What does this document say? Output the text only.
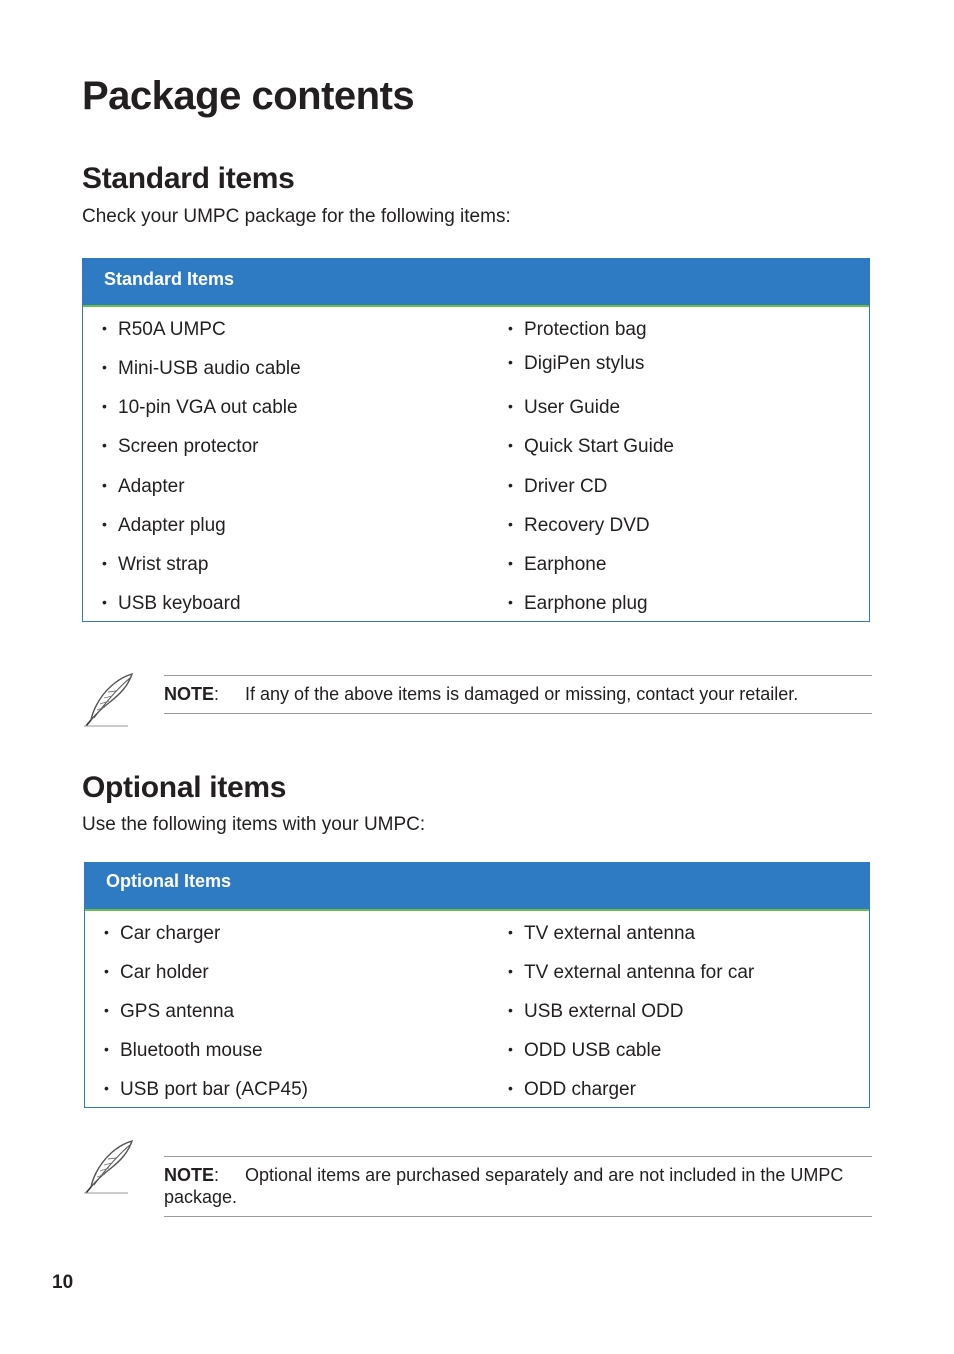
Package contents
Standard items

Check your UMPC package for the following items:

Standard Items
• R50A UMPC
• Mini-USB audio cable
• 10-pin VGA out cable
• Screen protector
• Adapter
• Adapter plug
• Wrist strap
• USB keyboard
• Protection bag
• DigiPen stylus
• User Guide
• Quick Start Guide
• Driver CD
• Recovery DVD
• Earphone
• Earphone plug
NOTE: If any of the above items is damaged or missing, contact your retailer.
Optional items

Use the following items with your UMPC:

Optional Items
• Car charger
• Car holder
• GPS antenna
• Bluetooth mouse
• USB port bar (ACP45)
• TV external antenna
• TV external antenna for car
• USB external ODD
• ODD USB cable
• ODD charger
NOTE: Optional items are purchased separately and are not included in the UMPC package.

10
